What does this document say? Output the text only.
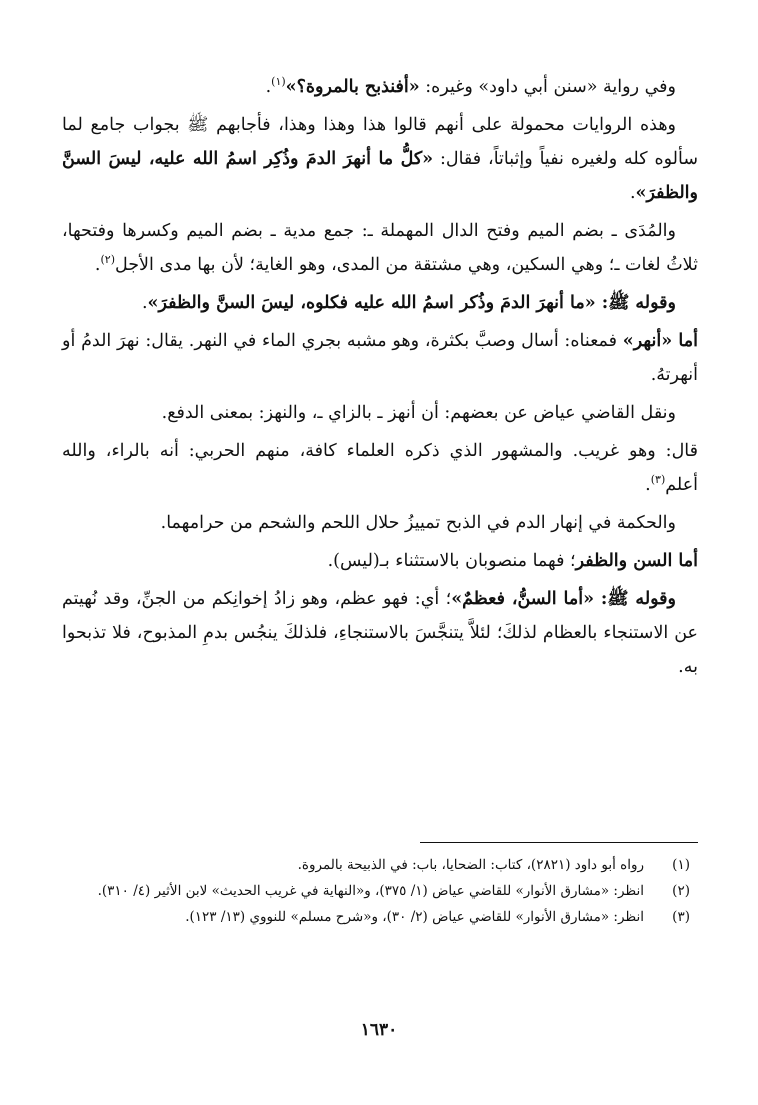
وفي رواية «سنن أبي داود» وغيره: «أفنذبح بالمروة؟»$^{(١)}$.

وهذه الروايات محمولة على أنهم قالوا هذا وهذا وهذا، فأجابهم ﷺ بجواب جامع لما سألوه كله ولغيره نفياً وإثباتاً، فقال: «كلُّ ما أنهرَ الدمَ وذُكِر اسمُ الله عليه، ليسَ السنَّ والظفرَ».

والمُدَى ـ بضم الميم وفتح الدال المهملة ـ: جمع مدية ـ بضم الميم وكسرها وفتحها، ثلاثُ لغات ـ؛ وهي السكين، وهي مشتقة من المدى، وهو الغاية؛ لأن بها مدى الأجل$^{(٢)}$.

وقوله ﷺ: «ما أنهرَ الدمَ وذُكر اسمُ الله عليه فكلوه، ليسَ السنَّ والظفرَ».

أما «أنهر» فمعناه: أسال وصبَّ بكثرة، وهو مشبه بجري الماء في النهر. يقال: نهرَ الدمُ أو أنهرتهُ.

ونقل القاضي عياض عن بعضهم: أن أنهز ـ بالزاي ـ، والنهز: بمعنى الدفع.

قال: وهو غريب. والمشهور الذي ذكره العلماء كافة، منهم الحربي: أنه بالراء، والله أعلم$^{(٣)}$.

والحكمة في إنهار الدم في الذبح تمييزُ حلال اللحم والشحم من حرامهما.

أما السن والظفر؛ فهما منصوبان بالاستثناء بـ(ليس).

وقوله ﷺ: «أما السنُّ، فعظمٌ»؛ أي: فهو عظم، وهو زادُ إخوانِكم من الجنِّ، وقد نُهيتم عن الاستنجاء بالعظام لذلكَ؛ لئلاَّ يتنجَّسَ بالاستنجاءِ، فلذلكَ ينجُس بدمِ المذبوح، فلا تذبحوا به.

(١)
رواه أبو داود (٢٨٢١)، كتاب: الضحايا، باب: في الذبيحة بالمروة.
(٢)
انظر: «مشارق الأنوار» للقاضي عياض (١/ ٣٧٥)، و«النهاية في غريب الحديث» لابن الأثير (٤/ ٣١٠).
(٣)
انظر: «مشارق الأنوار» للقاضي عياض (٢/ ٣٠)، و«شرح مسلم» للنووي (١٣/ ١٢٣).
١٦٣٠
